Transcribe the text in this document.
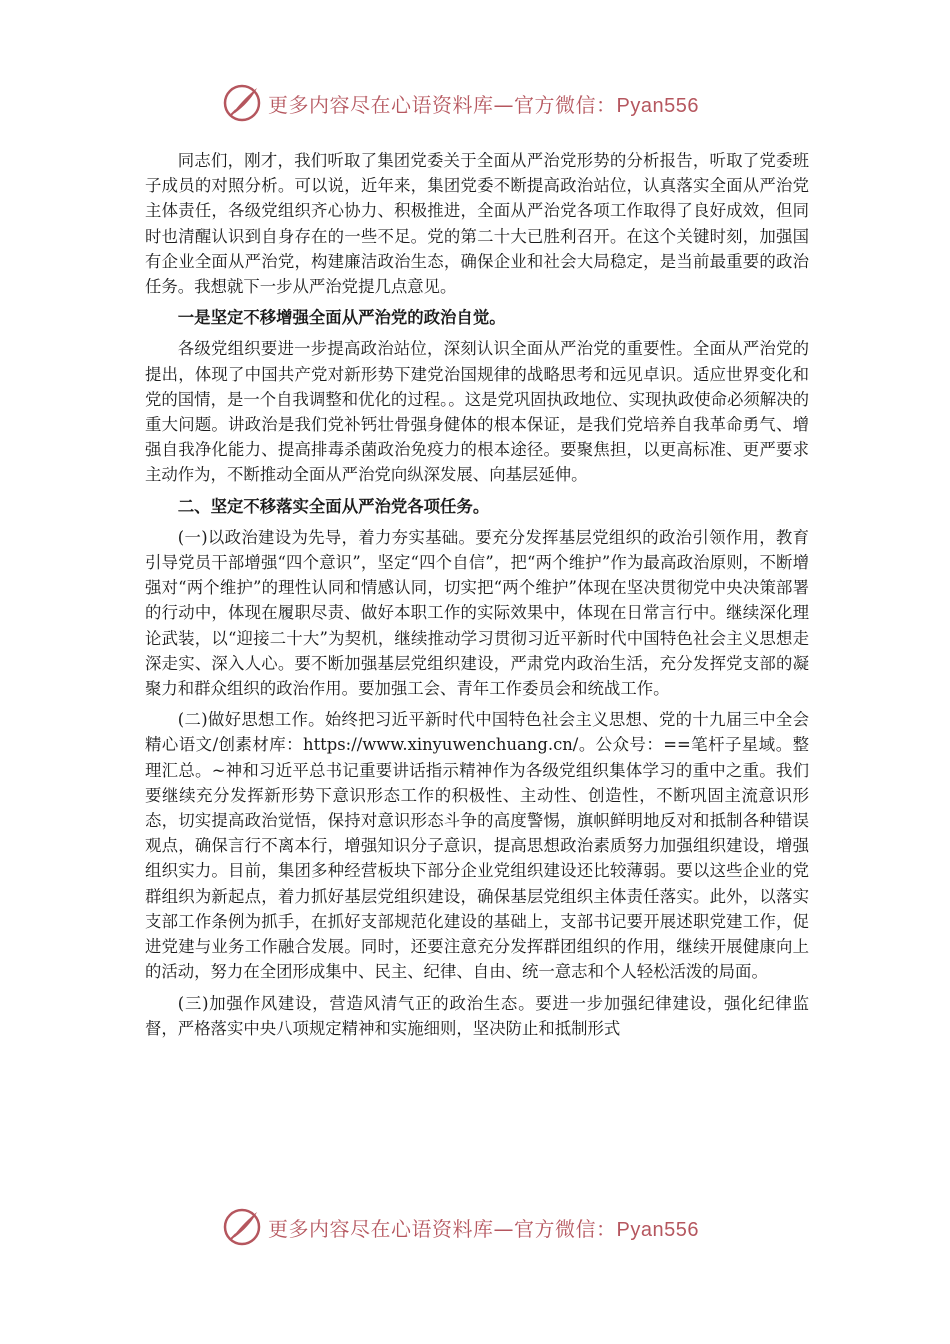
更多内容尽在心语资料库—官方微信：Pyan556

同志们，刚才，我们听取了集团党委关于全面从严治党形势的分析报告，听取了党委班子成员的对照分析。可以说，近年来，集团党委不断提高政治站位，认真落实全面从严治党主体责任，各级党组织齐心协力、积极推进，全面从严治党各项工作取得了良好成效，但同时也清醒认识到自身存在的一些不足。党的第二十大已胜利召开。在这个关键时刻，加强国有企业全面从严治党，构建廉洁政治生态，确保企业和社会大局稳定，是当前最重要的政治任务。我想就下一步从严治党提几点意见。

一是坚定不移增强全面从严治党的政治自觉。

各级党组织要进一步提高政治站位，深刻认识全面从严治党的重要性。全面从严治党的提出，体现了中国共产党对新形势下建党治国规律的战略思考和远见卓识。适应世界变化和党的国情，是一个自我调整和优化的过程。。这是党巩固执政地位、实现执政使命必须解决的重大问题。讲政治是我们党补钙壮骨强身健体的根本保证，是我们党培养自我革命勇气、增强自我净化能力、提高排毒杀菌政治免疫力的根本途径。要聚焦担，以更高标准、更严要求主动作为，不断推动全面从严治党向纵深发展、向基层延伸。

二、坚定不移落实全面从严治党各项任务。

(一)以政治建设为先导，着力夯实基础。要充分发挥基层党组织的政治引领作用，教育引导党员干部增强“四个意识”，坚定“四个自信”，把“两个维护”作为最高政治原则，不断增强对“两个维护”的理性认同和情感认同，切实把“两个维护”体现在坚决贯彻党中央决策部署的行动中，体现在履职尽责、做好本职工作的实际效果中，体现在日常言行中。继续深化理论武装，以“迎接二十大”为契机，继续推动学习贯彻习近平新时代中国特色社会主义思想走深走实、深入人心。要不断加强基层党组织建设，严肃党内政治生活，充分发挥党支部的凝聚力和群众组织的政治作用。要加强工会、青年工作委员会和统战工作。

(二)做好思想工作。始终把习近平新时代中国特色社会主义思想、党的十九届三中全会精心语文/创素材库：https://www.xinyuwenchuang.cn/。公众号：==笔杆子星域。整理汇总。~神和习近平总书记重要讲话指示精神作为各级党组织集体学习的重中之重。我们要继续充分发挥新形势下意识形态工作的积极性、主动性、创造性，不断巩固主流意识形态，切实提高政治觉悟，保持对意识形态斗争的高度警惕，旗帜鲜明地反对和抵制各种错误观点，确保言行不离本行，增强知识分子意识，提高思想政治素质努力加强组织建设，增强组织实力。目前，集团多种经营板块下部分企业党组织建设还比较薄弱。要以这些企业的党群组织为新起点，着力抓好基层党组织建设，确保基层党组织主体责任落实。此外，以落实支部工作条例为抓手，在抓好支部规范化建设的基础上，支部书记要开展述职党建工作，促进党建与业务工作融合发展。同时，还要注意充分发挥群团组织的作用，继续开展健康向上的活动，努力在全团形成集中、民主、纪律、自由、统一意志和个人轻松活泼的局面。

(三)加强作风建设，营造风清气正的政治生态。要进一步加强纪律建设，强化纪律监督，严格落实中央八项规定精神和实施细则，坚决防止和抵制形式

更多内容尽在心语资料库—官方微信：Pyan556
